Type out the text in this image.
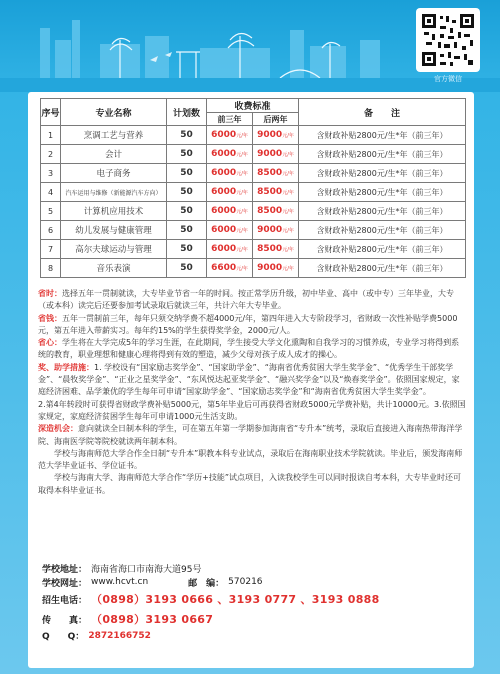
官方微信
序号	专业名称	计划数	收费标准		备　　注
			前三年	后两年	
1	烹调工艺与营养	50	6000元/年	9000元/年	含财政补贴2800元/生*年（前三年）
2	会计	50	6000元/年	9000元/年	含财政补贴2800元/生*年（前三年）
3	电子商务	50	6000元/年	8500元/年	含财政补贴2800元/生*年（前三年）
4	汽车运用与维修（新能源汽车方向）	50	6000元/年	8500元/年	含财政补贴2800元/生*年（前三年）
5	计算机应用技术	50	6000元/年	8500元/年	含财政补贴2800元/生*年（前三年）
6	幼儿发展与健康管理	50	6000元/年	9000元/年	含财政补贴2800元/生*年（前三年）
7	高尔夫球运动与管理	50	6000元/年	8500元/年	含财政补贴2800元/生*年（前三年）
8	音乐表演	50	6600元/年	9000元/年	含财政补贴2800元/生*年（前三年）

省时：选择五年一贯制就读，大专毕业节省一年的时间。按正常学历升级，初中毕业、高中（或中专）三年毕业，大专（或本科）读完后还要参加考试录取后就读三年，共计六年大专毕业。

省钱：五年一贯制前三年，每年只须交纳学费不超4000元/年，第四年进入大专阶段学习，省财政一次性补贴学费5000元，第五年进入带薪实习。每年约15%的学生获得奖学金，2000元/人。

省心：学生将在大学完成5年的学习生涯，在此期间，学生接受大学文化熏陶和自我学习的习惯养成，专业学习将得到系统的教育，职业理想和健康心理将得到有效的塑造，减少父母对孩子成人成才的操心。

奖、助学措施：1. 学校设有“国家励志奖学金”、“国家助学金”、“海南省优秀贫困大学生奖学金”、“优秀学生干部奖学金”、“晨牧奖学金”、“正业之星奖学金”、“东风悦达起亚奖学金”、“融兴奖学金”以及“焕春奖学金”。依照国家规定，家庭经济困难、品学兼优的学生每年可申请“国家助学金”、“国家励志奖学金”和“海南省优秀贫困大学生奖学金”。

2.第4年转段时可获得省财政学费补贴5000元，第5年毕业后可再获得省财政5000元学费补贴，共计10000元。3.依照国家规定，家庭经济贫困学生每年可申请1000元生活支助。

深造机会：意向就读全日制本科的学生，可在第五年第一学期参加海南省“专升本”统考，录取后直接进入海南热带海洋学院、海南医学院等院校就读两年制本科。

学校与海南师范大学合作全日制“专升本”职教本科专业试点，录取后在海南职业技术学院就读。毕业后，颁发海南师范大学毕业证书、学位证书。

学校与海南大学、海南师范大学合作“学历+技能”试点项目，入读我校学生可以同时报读自考本科，大专毕业时还可取得本科毕业证书。

学校地址： 海南省海口市南海大道95号
学校网址： www.hcvt.cn	邮　编： 570216
招生电话： （0898）3193 0666 、3193 0777 、3193 0888
传　　真： （0898）3193 0667
Q　　Q： 2872166752
